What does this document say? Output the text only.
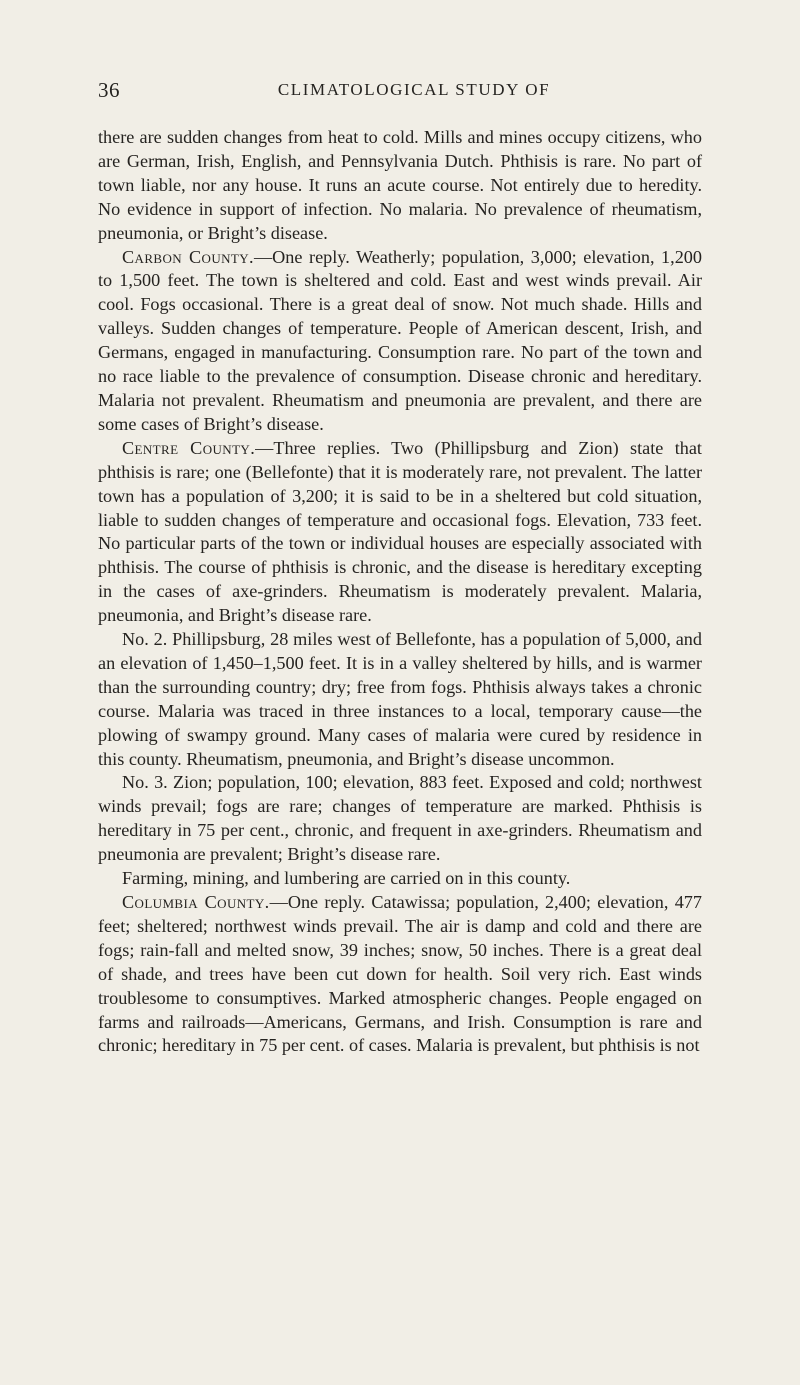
36	CLIMATOLOGICAL STUDY OF

there are sudden changes from heat to cold. Mills and mines occupy citizens, who are German, Irish, English, and Pennsylvania Dutch. Phthisis is rare. No part of town liable, nor any house. It runs an acute course. Not entirely due to heredity. No evidence in support of infection. No malaria. No prevalence of rheumatism, pneumonia, or Bright’s disease.

Carbon County.—One reply. Weatherly; population, 3,000; elevation, 1,200 to 1,500 feet. The town is sheltered and cold. East and west winds prevail. Air cool. Fogs occasional. There is a great deal of snow. Not much shade. Hills and valleys. Sudden changes of temperature. People of American descent, Irish, and Germans, engaged in manufacturing. Consumption rare. No part of the town and no race liable to the prevalence of consumption. Disease chronic and hereditary. Malaria not prevalent. Rheumatism and pneumonia are prevalent, and there are some cases of Bright’s disease.

Centre County.—Three replies. Two (Phillipsburg and Zion) state that phthisis is rare; one (Bellefonte) that it is moderately rare, not prevalent. The latter town has a population of 3,200; it is said to be in a sheltered but cold situation, liable to sudden changes of temperature and occasional fogs. Elevation, 733 feet. No particular parts of the town or individual houses are especially associated with phthisis. The course of phthisis is chronic, and the disease is hereditary excepting in the cases of axe-grinders. Rheumatism is moderately prevalent. Malaria, pneumonia, and Bright’s disease rare.

No. 2. Phillipsburg, 28 miles west of Bellefonte, has a population of 5,000, and an elevation of 1,450–1,500 feet. It is in a valley sheltered by hills, and is warmer than the surrounding country; dry; free from fogs. Phthisis always takes a chronic course. Malaria was traced in three instances to a local, temporary cause—the plowing of swampy ground. Many cases of malaria were cured by residence in this county. Rheumatism, pneumonia, and Bright’s disease uncommon.

No. 3. Zion; population, 100; elevation, 883 feet. Exposed and cold; northwest winds prevail; fogs are rare; changes of temperature are marked. Phthisis is hereditary in 75 per cent., chronic, and frequent in axe-grinders. Rheumatism and pneumonia are prevalent; Bright’s disease rare.

Farming, mining, and lumbering are carried on in this county.

Columbia County.—One reply. Catawissa; population, 2,400; elevation, 477 feet; sheltered; northwest winds prevail. The air is damp and cold and there are fogs; rain-fall and melted snow, 39 inches; snow, 50 inches. There is a great deal of shade, and trees have been cut down for health. Soil very rich. East winds troublesome to consumptives. Marked atmospheric changes. People engaged on farms and railroads—Americans, Germans, and Irish. Consumption is rare and chronic; hereditary in 75 per cent. of cases. Malaria is prevalent, but phthisis is not
